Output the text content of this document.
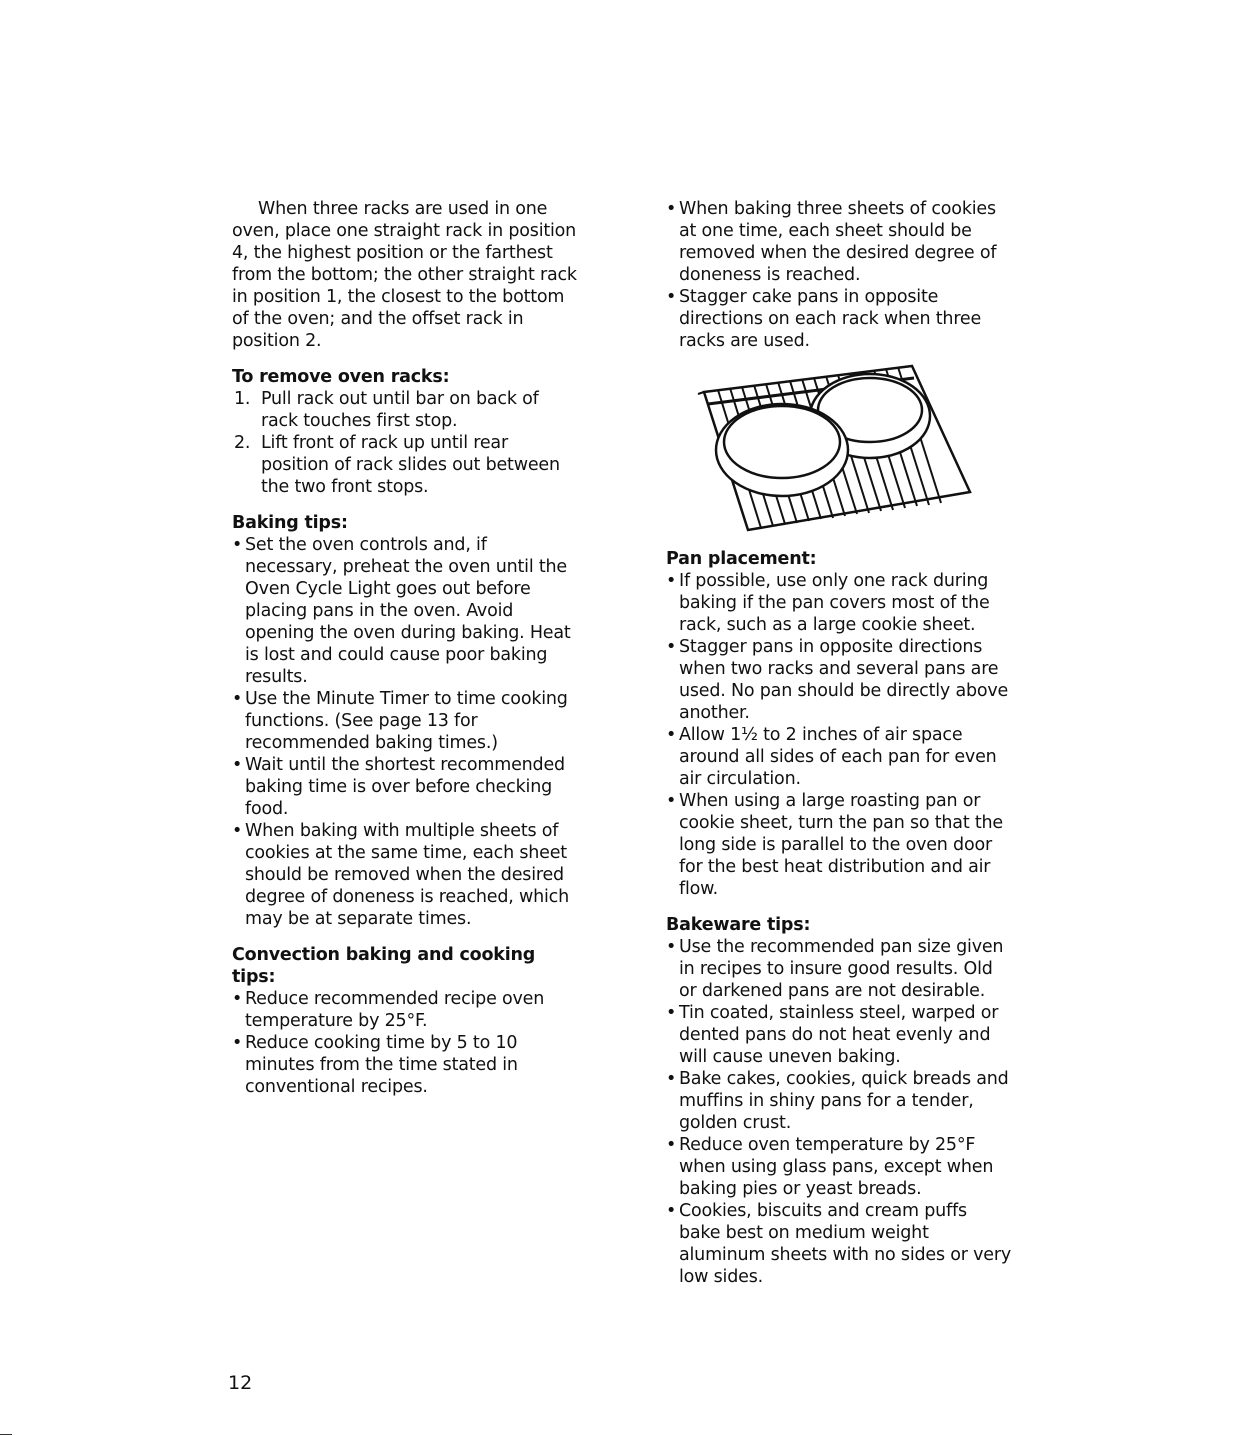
When three racks are used in one oven, place one straight rack in position 4, the highest position or the farthest from the bottom; the other straight rack in position 1, the closest to the bottom of the oven; and the offset rack in position 2.

To remove oven racks:

1. Pull rack out until bar on back of rack touches first stop.
2. Lift front of rack up until rear position of rack slides out between the two front stops.

Baking tips:

• Set the oven controls and, if necessary, preheat the oven until the Oven Cycle Light goes out before placing pans in the oven. Avoid opening the oven during baking. Heat is lost and could cause poor baking results.
• Use the Minute Timer to time cooking functions. (See page 13 for recommended baking times.)
• Wait until the shortest recommended baking time is over before checking food.
• When baking with multiple sheets of cookies at the same time, each sheet should be removed when the desired degree of doneness is reached, which may be at separate times.

Convection baking and cooking tips:

• Reduce recommended recipe oven temperature by 25°F.
• Reduce cooking time by 5 to 10 minutes from the time stated in conventional recipes.
• When baking three sheets of cookies at one time, each sheet should be removed when the desired degree of doneness is reached.
• Stagger cake pans in opposite directions on each rack when three racks are used.

Pan placement:

• If possible, use only one rack during baking if the pan covers most of the rack, such as a large cookie sheet.
• Stagger pans in opposite directions when two racks and several pans are used. No pan should be directly above another.
• Allow 1½ to 2 inches of air space around all sides of each pan for even air circulation.
• When using a large roasting pan or cookie sheet, turn the pan so that the long side is parallel to the oven door for the best heat distribution and air flow.

Bakeware tips:

• Use the recommended pan size given in recipes to insure good results. Old or darkened pans are not desirable.
• Tin coated, stainless steel, warped or dented pans do not heat evenly and will cause uneven baking.
• Bake cakes, cookies, quick breads and muffins in shiny pans for a tender, golden crust.
• Reduce oven temperature by 25°F when using glass pans, except when baking pies or yeast breads.
• Cookies, biscuits and cream puffs bake best on medium weight aluminum sheets with no sides or very low sides.
12
